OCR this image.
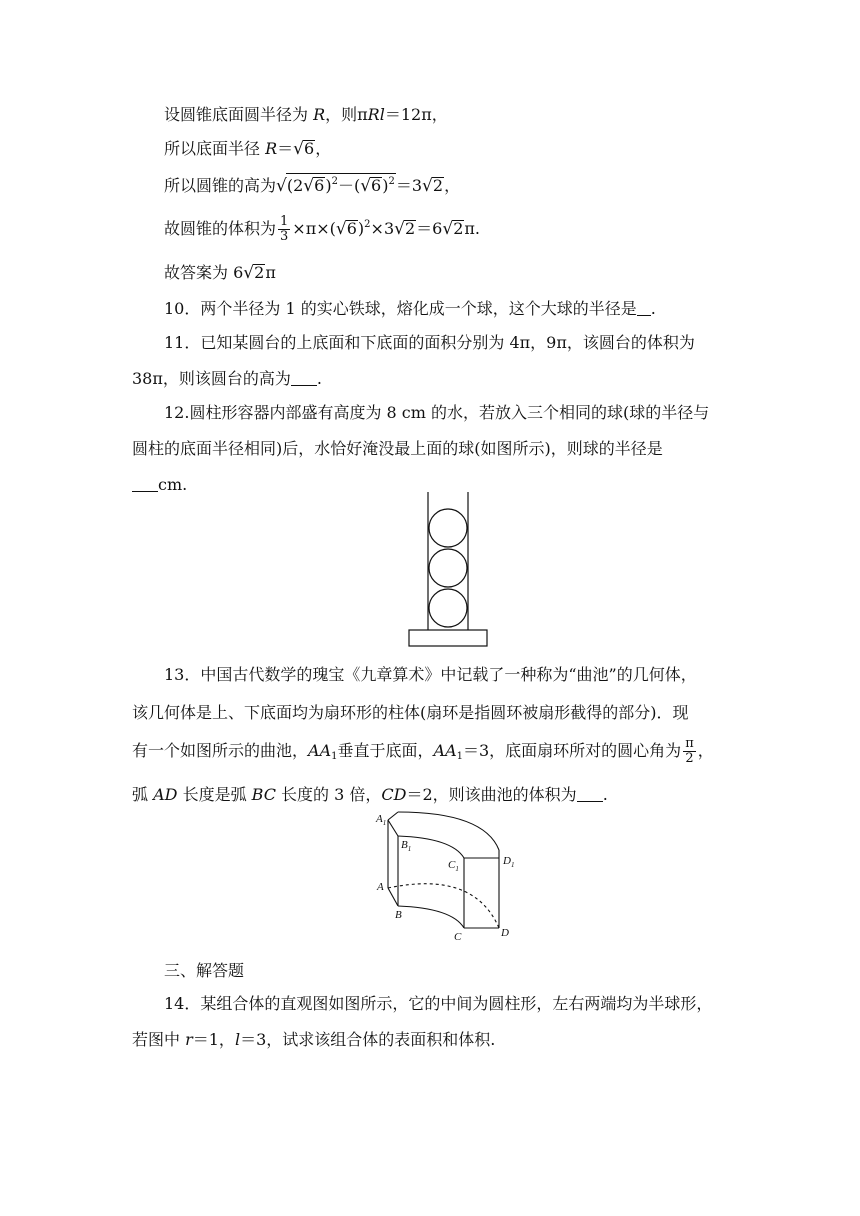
设圆锥底面圆半径为 R，则πRl＝12π，
所以底面半径 R＝√6，
所以圆锥的高为$√(2√6)^2-(√6)^2=3√2$，
故圆锥的体积为 $\frac{1}{3} \times\pi\times(√6)^2\times 3√2=6√2\pi$.
故答案为 6√2π
10．两个半径为 1 的实心铁球，熔化成一个球，这个大球的半径是 .
11．已知某圆台的上底面和下底面的面积分别为 4π，9π，该圆台的体积为
38π，则该圆台的高为 .
12.圆柱形容器内部盛有高度为 8 cm 的水，若放入三个相同的球(球的半径与
圆柱的底面半径相同)后，水恰好淹没最上面的球(如图所示)，则球的半径是
cm.
13．中国古代数学的瑰宝《九章算术》中记载了一种称为“曲池”的几何体，
该几何体是上、下底面均为扇环形的柱体(扇环是指圆环被扇形截得的部分)．现
有一个如图所示的曲池，$AA_1$垂直于底面，$AA_1=3$，底面扇环所对的圆心角为 $\frac{\pi}{2}$ ，
弧 AD 长度是弧 BC 长度的 3 倍，CD＝2，则该曲池的体积为 .
$A_1$
$B_1$
$C_1$
$D_1$
A
B
C	D
三、解答题
14．某组合体的直观图如图所示，它的中间为圆柱形，左右两端均为半球形，
若图中 r＝1，l＝3，试求该组合体的表面积和体积.
